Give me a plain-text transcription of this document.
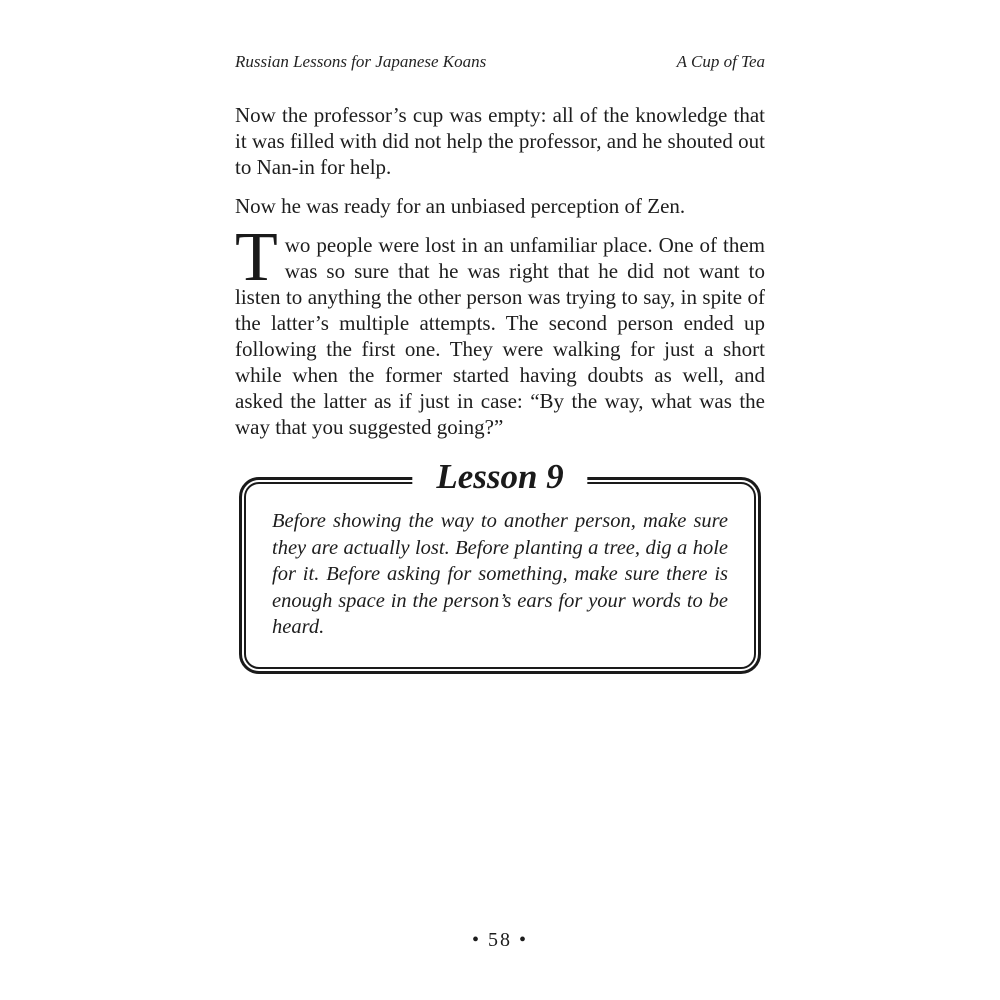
Russian Lessons for Japanese Koans	A Cup of Tea

Now the professor’s cup was empty: all of the knowledge that it was filled with did not help the professor, and he shouted out to Nan-in for help.

Now he was ready for an unbiased perception of Zen.

Two people were lost in an unfamiliar place. One of them was so sure that he was right that he did not want to listen to anything the other person was trying to say, in spite of the latter’s multiple attempts. The second person ended up following the first one. They were walking for just a short while when the former started having doubts as well, and asked the latter as if just in case: “By the way, what was the way that you suggested going?”

Lesson 9

Before showing the way to another person, make sure they are actually lost. Before planting a tree, dig a hole for it. Before asking for something, make sure there is enough space in the person’s ears for your words to be heard.

• 58 •
